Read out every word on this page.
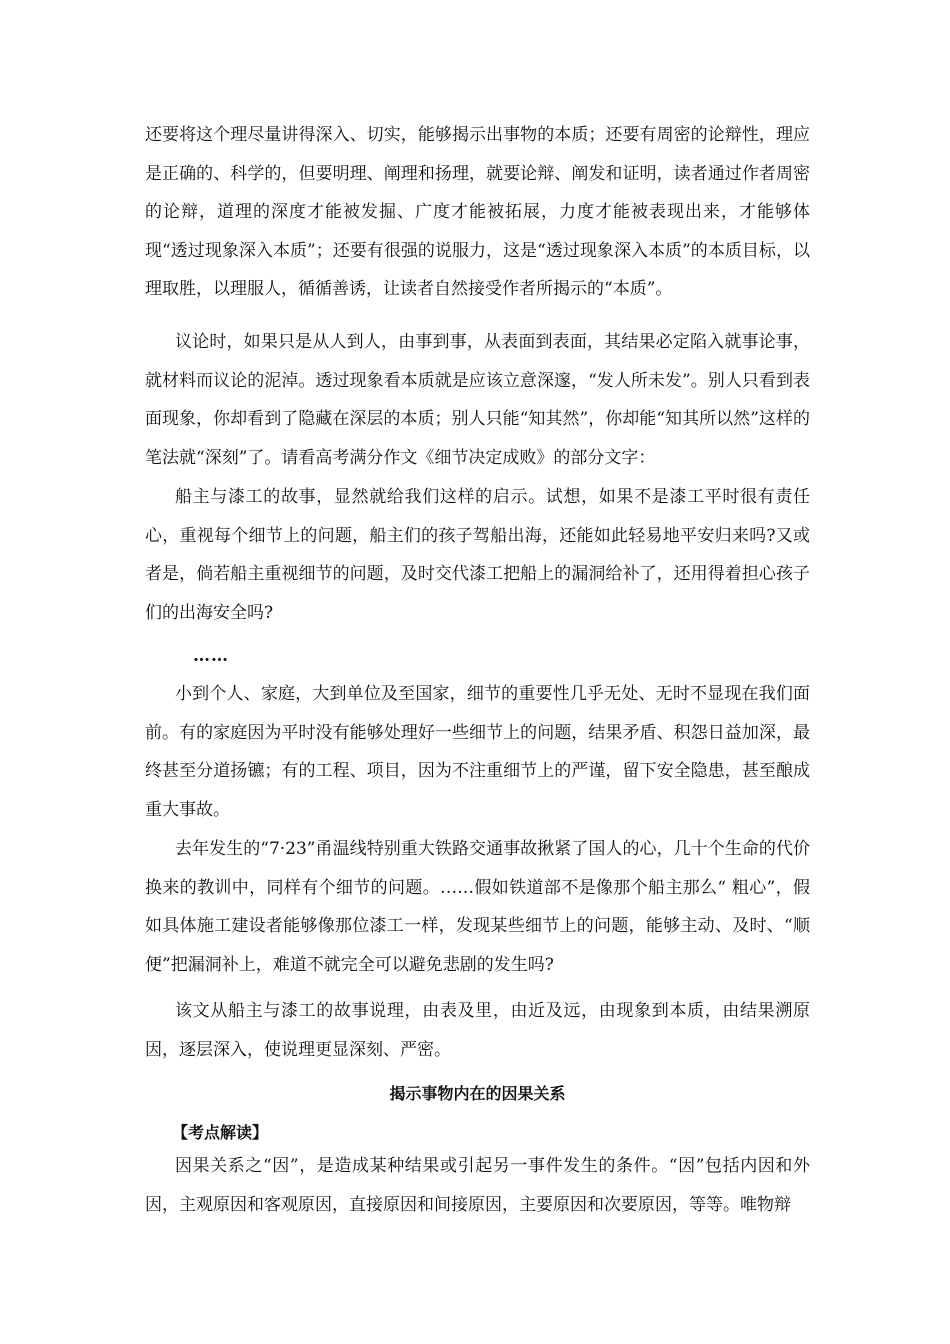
还要将这个理尽量讲得深入、切实，能够揭示出事物的本质；还要有周密的论辩性，理应是正确的、科学的，但要明理、阐理和扬理，就要论辩、阐发和证明，读者通过作者周密的论辩，道理的深度才能被发掘、广度才能被拓展，力度才能被表现出来，才能够体现“透过现象深入本质”；还要有很强的说服力，这是“透过现象深入本质”的本质目标，以理取胜，以理服人，循循善诱，让读者自然接受作者所揭示的“本质”。

议论时，如果只是从人到人，由事到事，从表面到表面，其结果必定陷入就事论事，就材料而议论的泥淖。透过现象看本质就是应该立意深邃，“发人所未发”。别人只看到表面现象，你却看到了隐藏在深层的本质；别人只能“知其然”，你却能“知其所以然”这样的笔法就“深刻”了。请看高考满分作文《细节决定成败》的部分文字：

船主与漆工的故事，显然就给我们这样的启示。试想，如果不是漆工平时很有责任心，重视每个细节上的问题，船主们的孩子驾船出海，还能如此轻易地平安归来吗?又或者是，倘若船主重视细节的问题，及时交代漆工把船上的漏洞给补了，还用得着担心孩子们的出海安全吗?

……

小到个人、家庭，大到单位及至国家，细节的重要性几乎无处、无时不显现在我们面前。有的家庭因为平时没有能够处理好一些细节上的问题，结果矛盾、积怨日益加深，最终甚至分道扬镳；有的工程、项目，因为不注重细节上的严谨，留下安全隐患，甚至酿成重大事故。

去年发生的“7·23”甬温线特别重大铁路交通事故揪紧了国人的心，几十个生命的代价换来的教训中，同样有个细节的问题。……假如铁道部不是像那个船主那么“ 粗心”，假如具体施工建设者能够像那位漆工一样，发现某些细节上的问题，能够主动、及时、“顺便”把漏洞补上，难道不就完全可以避免悲剧的发生吗?

该文从船主与漆工的故事说理，由表及里，由近及远，由现象到本质，由结果溯原因，逐层深入，使说理更显深刻、严密。

揭示事物内在的因果关系
【考点解读】

因果关系之“因”，是造成某种结果或引起另一事件发生的条件。“因”包括内因和外因，主观原因和客观原因，直接原因和间接原因，主要原因和次要原因，等等。唯物辩
